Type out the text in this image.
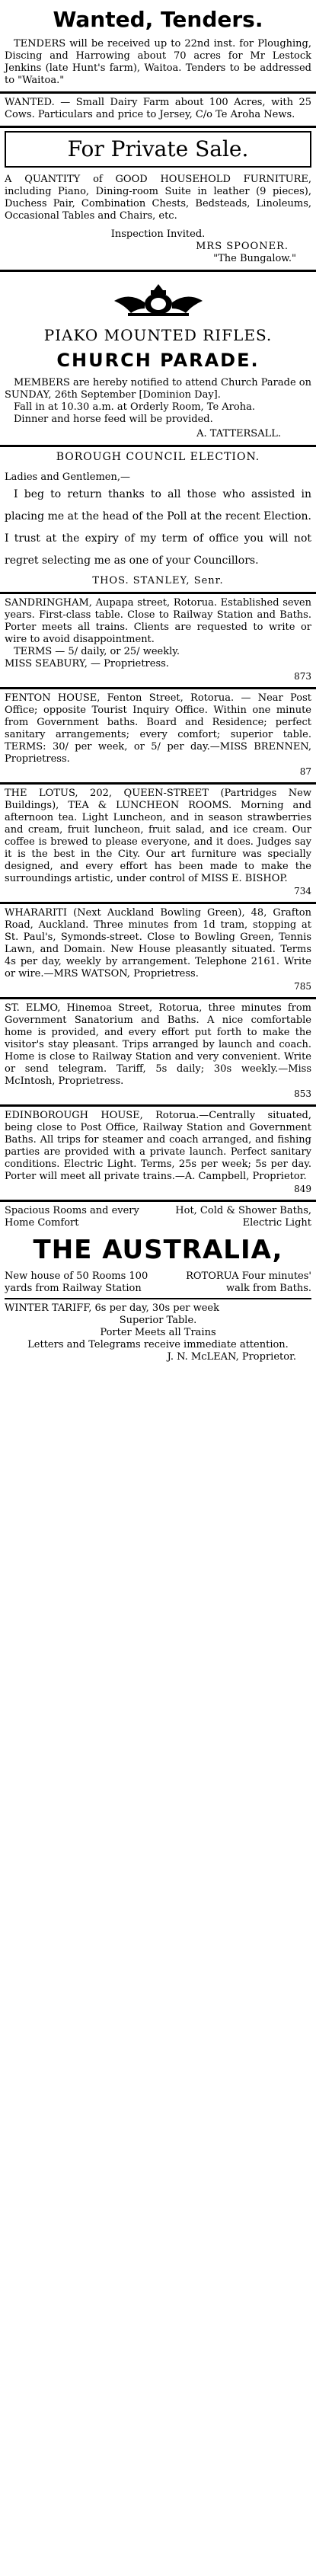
Wanted, Tenders.
TENDERS will be received up to 22nd inst. for Ploughing, Discing and Harrowing about 70 acres for Mr Lestock Jenkins (late Hunt's farm), Waitoa. Tenders to be addressed to "Waitoa."
WANTED. — Small Dairy Farm about 100 Acres, with 25 Cows. Particulars and price to Jersey, C/o Te Aroha News.
For Private Sale.
A QUANTITY of GOOD HOUSEHOLD FURNITURE, including Piano, Dining-room Suite in leather (9 pieces), Duchess Pair, Combination Chests, Bedsteads, Linoleums, Occasional Tables and Chairs, etc.
Inspection Invited.
MRS SPOONER.
"The Bungalow."
PIAKO MOUNTED RIFLES.
CHURCH PARADE.
MEMBERS are hereby notified to attend Church Parade on SUNDAY, 26th September [Dominion Day].
Fall in at 10.30 a.m. at Orderly Room, Te Aroha.
Dinner and horse feed will be provided.
A. TATTERSALL.
BOROUGH COUNCIL ELECTION.
Ladies and Gentlemen,—
I beg to return thanks to all those who assisted in placing me at the head of the Poll at the recent Election. I trust at the expiry of my term of office you will not regret selecting me as one of your Councillors.
THOS. STANLEY, Senr.
SANDRINGHAM, Aupapa street, Rotorua. Established seven years. First-class table. Close to Railway Station and Baths. Porter meets all trains. Clients are requested to write or wire to avoid disappointment.
TERMS — 5/ daily, or 25/ weekly.
MISS SEABURY, — Proprietress.
873
FENTON HOUSE, Fenton Street, Rotorua. — Near Post Office; opposite Tourist Inquiry Office. Within one minute from Government baths. Board and Residence; perfect sanitary arrangements; every comfort; superior table. TERMS: 30/ per week, or 5/ per day.—MISS BRENNEN, Proprietress.
87
THE LOTUS, 202, QUEEN-STREET (Partridges New Buildings), TEA & LUNCHEON ROOMS. Morning and afternoon tea. Light Luncheon, and in season strawberries and cream, fruit luncheon, fruit salad, and ice cream. Our coffee is brewed to please everyone, and it does. Judges say it is the best in the City. Our art furniture was specially designed, and every effort has been made to make the surroundings artistic, under control of MISS E. BISHOP.
734
WHARARITI (Next Auckland Bowling Green), 48, Grafton Road, Auckland. Three minutes from 1d tram, stopping at St. Paul's, Symonds-street. Close to Bowling Green, Tennis Lawn, and Domain. New House pleasantly situated. Terms 4s per day, weekly by arrangement. Telephone 2161. Write or wire.—MRS WATSON, Proprietress.
785
ST. ELMO, Hinemoa Street, Rotorua, three minutes from Government Sanatorium and Baths. A nice comfortable home is provided, and every effort put forth to make the visitor's stay pleasant. Trips arranged by launch and coach. Home is close to Railway Station and very convenient. Write or send telegram. Tariff, 5s daily; 30s weekly.—Miss McIntosh, Proprietress.
853
EDINBOROUGH HOUSE, Rotorua.—Centrally situated, being close to Post Office, Railway Station and Government Baths. All trips for steamer and coach arranged, and fishing parties are provided with a private launch. Perfect sanitary conditions. Electric Light. Terms, 25s per week; 5s per day. Porter will meet all private trains.—A. Campbell, Proprietor.
849
Spacious Rooms and every Home Comfort
Hot, Cold & Shower Baths, Electric Light
THE AUSTRALIA,
New house of 50 Rooms 100 yards from Railway Station
ROTORUA Four minutes' walk from Baths.
WINTER TARIFF, 6s per day, 30s per week
Superior Table.
Porter Meets all Trains
Letters and Telegrams receive immediate attention.
J. N. McLEAN, Proprietor.
